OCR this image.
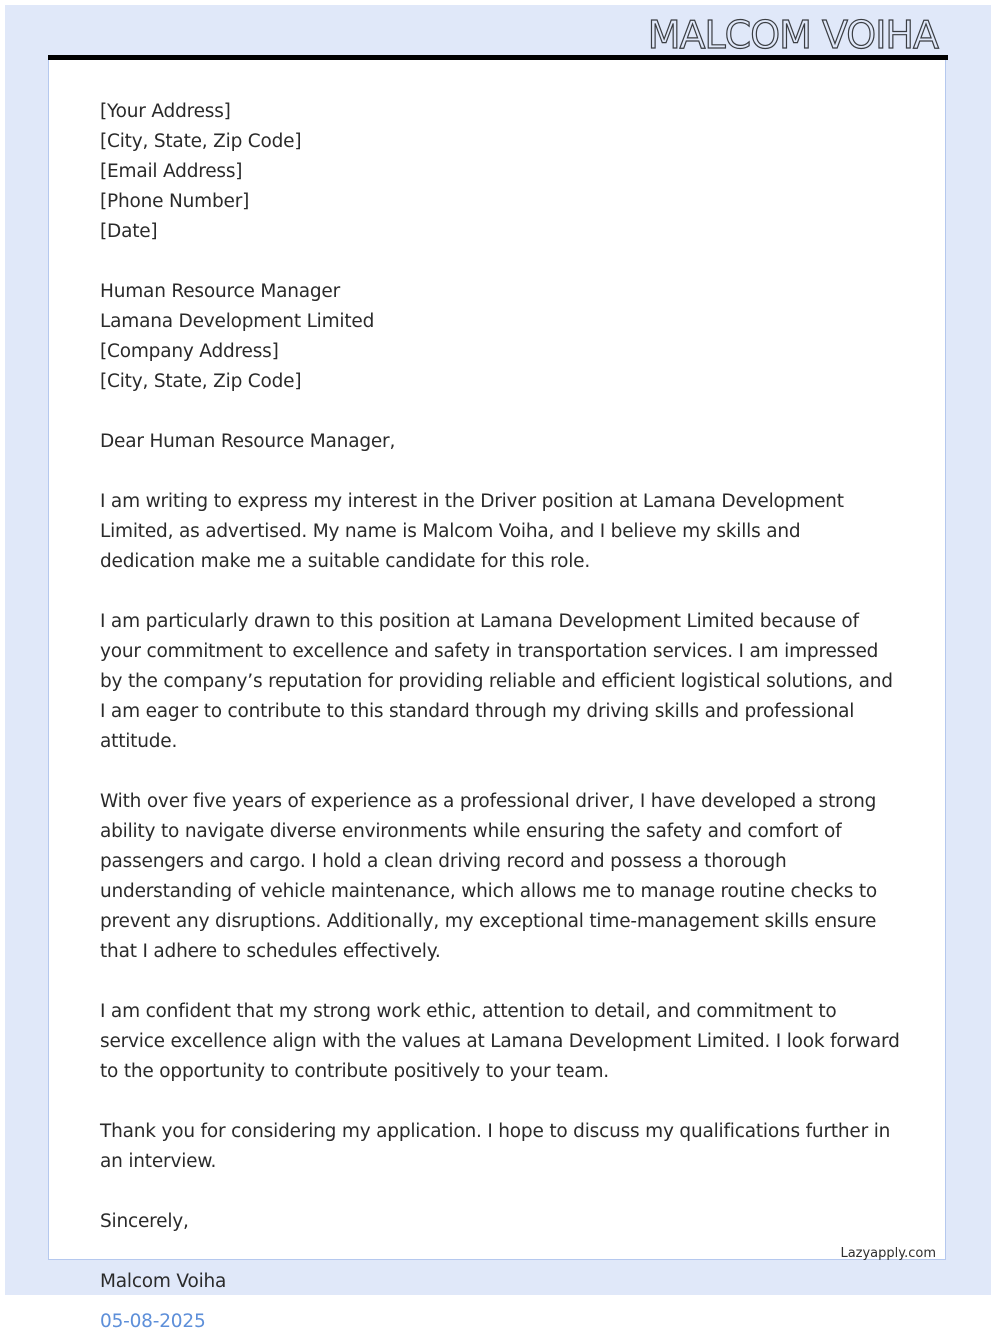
MALCOM VOIHA
[Your Address]
[City, State, Zip Code]
[Email Address]
[Phone Number]
[Date]
Human Resource Manager
Lamana Development Limited
[Company Address]
[City, State, Zip Code]
Dear Human Resource Manager,

I am writing to express my interest in the Driver position at Lamana Development Limited, as advertised. My name is Malcom Voiha, and I believe my skills and dedication make me a suitable candidate for this role.

I am particularly drawn to this position at Lamana Development Limited because of your commitment to excellence and safety in transportation services. I am impressed by the company’s reputation for providing reliable and efficient logistical solutions, and I am eager to contribute to this standard through my driving skills and professional attitude.

With over five years of experience as a professional driver, I have developed a strong ability to navigate diverse environments while ensuring the safety and comfort of passengers and cargo. I hold a clean driving record and possess a thorough understanding of vehicle maintenance, which allows me to manage routine checks to prevent any disruptions. Additionally, my exceptional time-management skills ensure that I adhere to schedules effectively.

I am confident that my strong work ethic, attention to detail, and commitment to service excellence align with the values at Lamana Development Limited. I look forward to the opportunity to contribute positively to your team.

Thank you for considering my application. I hope to discuss my qualifications further in an interview.

Sincerely,
Malcom Voiha
05-08-2025
Lazyapply.com
